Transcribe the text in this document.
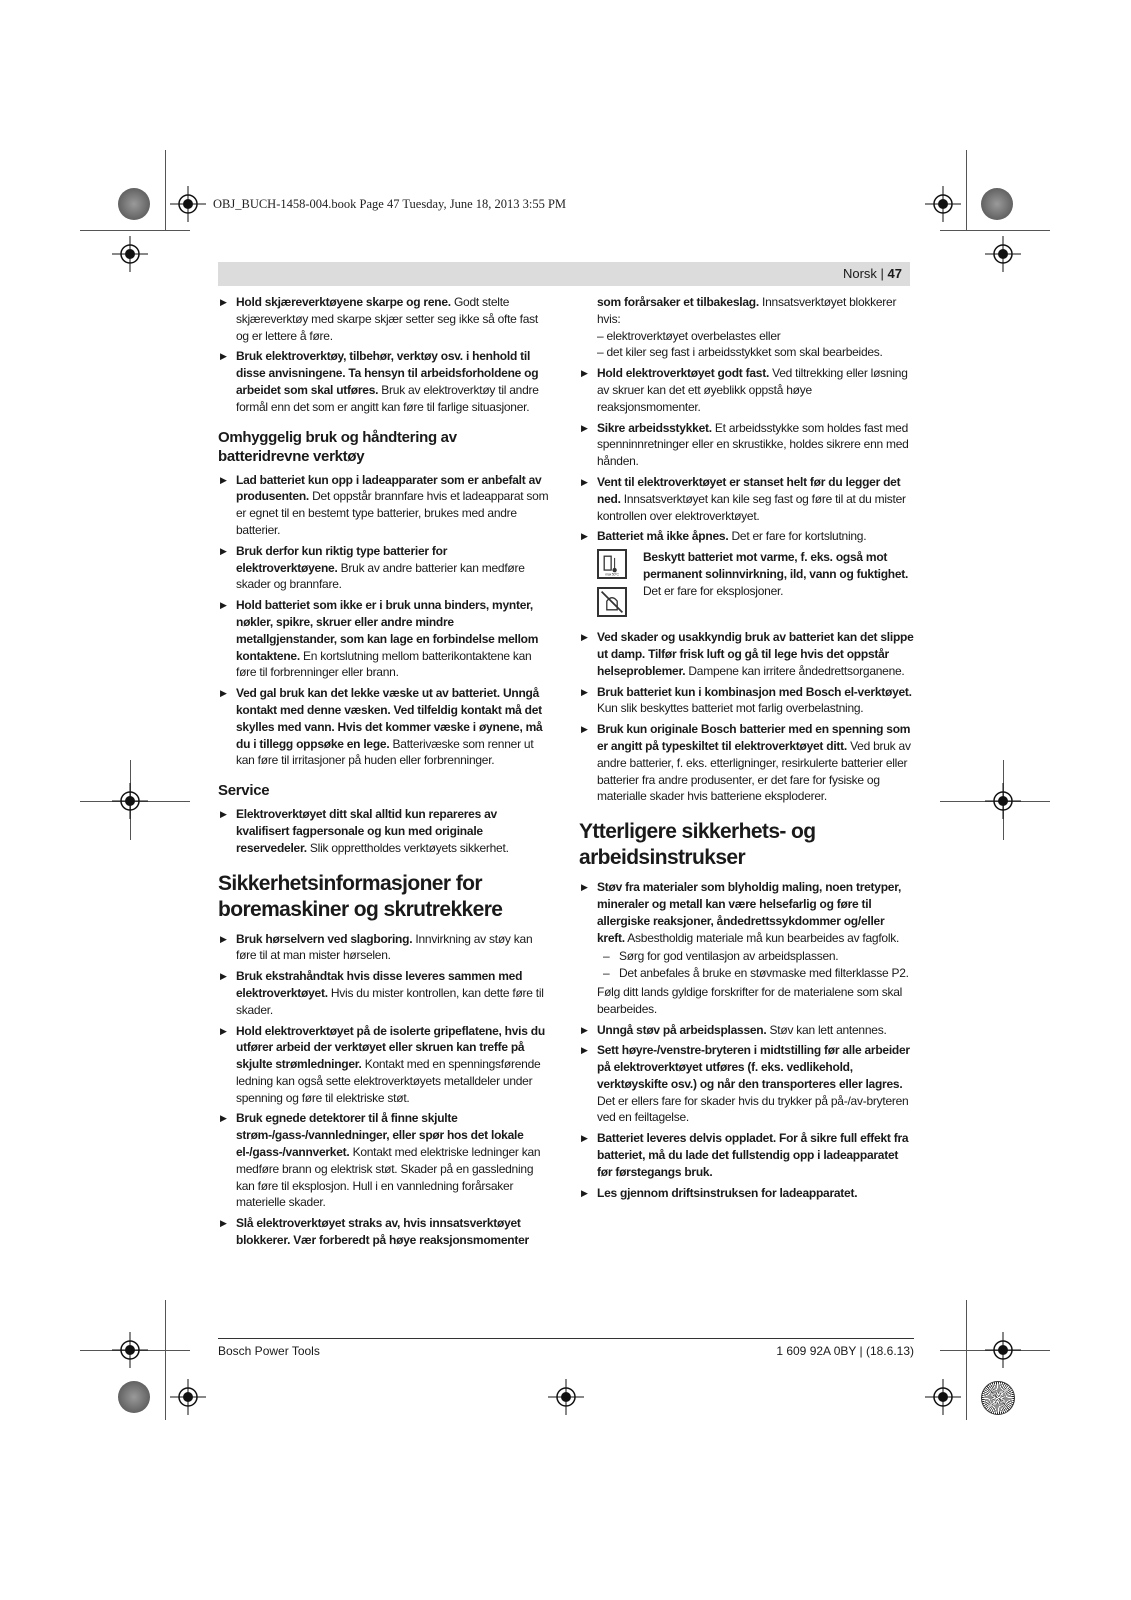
OBJ_BUCH-1458-004.book Page 47 Tuesday, June 18, 2013 3:55 PM
Norsk | 47
▶ Hold skjæreverktøyene skarpe og rene. Godt stelte skjæreverktøy med skarpe skjær setter seg ikke så ofte fast og er lettere å føre.
▶ Bruk elektroverktøy, tilbehør, verktøy osv. i henhold til disse anvisningene. Ta hensyn til arbeidsforholdene og arbeidet som skal utføres. Bruk av elektroverktøy til andre formål enn det som er angitt kan føre til farlige situasjoner.
Omhyggelig bruk og håndtering av batteridrevne verktøy
▶ Lad batteriet kun opp i ladeapparater som er anbefalt av produsenten. Det oppstår brannfare hvis et ladeapparat som er egnet til en bestemt type batterier, brukes med andre batterier.
▶ Bruk derfor kun riktig type batterier for elektroverktøyene. Bruk av andre batterier kan medføre skader og brannfare.
▶ Hold batteriet som ikke er i bruk unna binders, mynter, nøkler, spikre, skruer eller andre mindre metallgjenstander, som kan lage en forbindelse mellom kontaktene. En kortslutning mellom batterikontaktene kan føre til forbrenninger eller brann.
▶ Ved gal bruk kan det lekke væske ut av batteriet. Unngå kontakt med denne væsken. Ved tilfeldig kontakt må det skylles med vann. Hvis det kommer væske i øynene, må du i tillegg oppsøke en lege. Batterivæske som renner ut kan føre til irritasjoner på huden eller forbrenninger.
Service
▶ Elektroverktøyet ditt skal alltid kun repareres av kvalifisert fagpersonale og kun med originale reservedeler. Slik opprettholdes verktøyets sikkerhet.
Sikkerhetsinformasjoner for boremaskiner og skrutrekkere
▶ Bruk hørselvern ved slagboring. Innvirkning av støy kan føre til at man mister hørselen.
▶ Bruk ekstrahåndtak hvis disse leveres sammen med elektroverktøyet. Hvis du mister kontrollen, kan dette føre til skader.
▶ Hold elektroverktøyet på de isolerte gripeflatene, hvis du utfører arbeid der verktøyet eller skruen kan treffe på skjulte strømledninger. Kontakt med en spenningsførende ledning kan også sette elektroverktøyets metalldeler under spenning og føre til elektriske støt.
▶ Bruk egnede detektorer til å finne skjulte strøm-/gass-/vannledninger, eller spør hos det lokale el-/gass-/vannverket. Kontakt med elektriske ledninger kan medføre brann og elektrisk støt. Skader på en gassledning kan føre til eksplosjon. Hull i en vannledning forårsaker materielle skader.
▶ Slå elektroverktøyet straks av, hvis innsatsverktøyet blokkerer. Vær forberedt på høye reaksjonsmomenter
som forårsaker et tilbakeslag. Innsatsverktøyet blokkerer hvis:
– elektroverktøyet overbelastes eller
– det kiler seg fast i arbeidsstykket som skal bearbeides.
▶ Hold elektroverktøyet godt fast. Ved tiltrekking eller løsning av skruer kan det ett øyeblikk oppstå høye reaksjonsmomenter.
▶ Sikre arbeidsstykket. Et arbeidsstykke som holdes fast med spenninnretninger eller en skrustikke, holdes sikrere enn med hånden.
▶ Vent til elektroverktøyet er stanset helt før du legger det ned. Innsatsverktøyet kan kile seg fast og føre til at du mister kontrollen over elektroverktøyet.
▶ Batteriet må ikke åpnes. Det er fare for kortslutning.
max 50°C
Beskytt batteriet mot varme, f. eks. også mot permanent solinnvirkning, ild, vann og fuktighet. Det er fare for eksplosjoner.
▶ Ved skader og usakkyndig bruk av batteriet kan det slippe ut damp. Tilfør frisk luft og gå til lege hvis det oppstår helseproblemer. Dampene kan irritere åndedrettsorganene.
▶ Bruk batteriet kun i kombinasjon med Bosch el-verktøyet. Kun slik beskyttes batteriet mot farlig overbelastning.
▶ Bruk kun originale Bosch batterier med en spenning som er angitt på typeskiltet til elektroverktøyet ditt. Ved bruk av andre batterier, f. eks. etterligninger, resirkulerte batterier eller batterier fra andre produsenter, er det fare for fysiske og materialle skader hvis batteriene eksploderer.
Ytterligere sikkerhets- og arbeidsinstrukser
▶ Støv fra materialer som blyholdig maling, noen tretyper, mineraler og metall kan være helsefarlig og føre til allergiske reaksjoner, åndedrettssykdommer og/eller kreft. Asbestholdig materiale må kun bearbeides av fagfolk.
– Sørg for god ventilasjon av arbeidsplassen.
– Det anbefales å bruke en støvmaske med filterklasse P2.
Følg ditt lands gyldige forskrifter for de materialene som skal bearbeides.
▶ Unngå støv på arbeidsplassen. Støv kan lett antennes.
▶ Sett høyre-/venstre-bryteren i midtstilling før alle arbeider på elektroverktøyet utføres (f. eks. vedlikehold, verktøyskifte osv.) og når den transporteres eller lagres. Det er ellers fare for skader hvis du trykker på på-/av-bryteren ved en feiltagelse.
▶ Batteriet leveres delvis oppladet. For å sikre full effekt fra batteriet, må du lade det fullstendig opp i ladeapparatet før førstegangs bruk.
▶ Les gjennom driftsinstruksen for ladeapparatet.
Bosch Power Tools	1 609 92A 0BY | (18.6.13)
